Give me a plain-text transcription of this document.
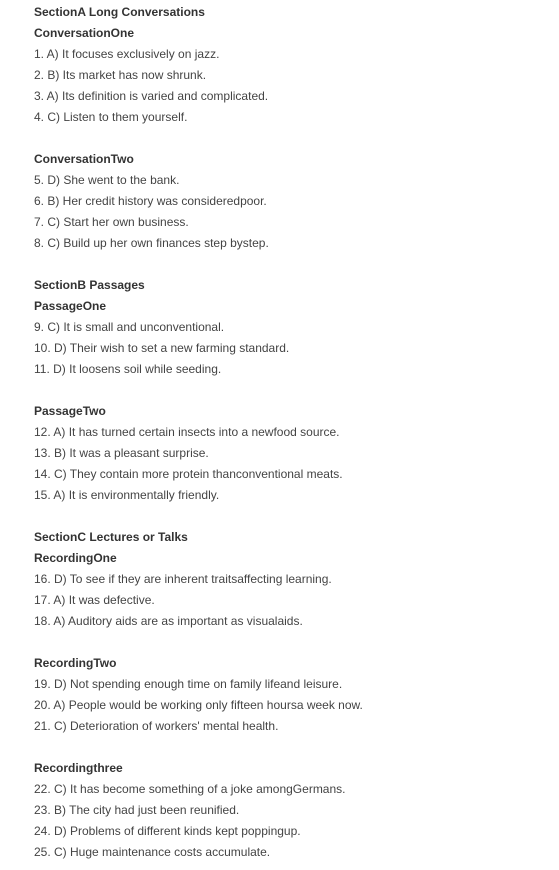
SectionA Long Conversations
ConversationOne
1. A) It focuses exclusively on jazz.
2. B) Its market has now shrunk.
3. A) Its definition is varied and complicated.
4. C) Listen to them yourself.
ConversationTwo
5. D) She went to the bank.
6. B) Her credit history was consideredpoor.
7. C) Start her own business.
8. C) Build up her own finances step bystep.
SectionB Passages
PassageOne
9. C) It is small and unconventional.
10. D) Their wish to set a new farming standard.
11. D) It loosens soil while seeding.
PassageTwo
12. A) It has turned certain insects into a newfood source.
13. B) It was a pleasant surprise.
14. C) They contain more protein thanconventional meats.
15. A) It is environmentally friendly.
SectionC Lectures or Talks
RecordingOne
16. D) To see if they are inherent traitsaffecting learning.
17. A) It was defective.
18. A) Auditory aids are as important as visualaids.
RecordingTwo
19. D) Not spending enough time on family lifeand leisure.
20. A) People would be working only fifteen hoursa week now.
21. C) Deterioration of workers' mental health.
Recordingthree
22. C) It has become something of a joke amongGermans.
23. B) The city had just been reunified.
24. D) Problems of different kinds kept poppingup.
25. C) Huge maintenance costs accumulate.
